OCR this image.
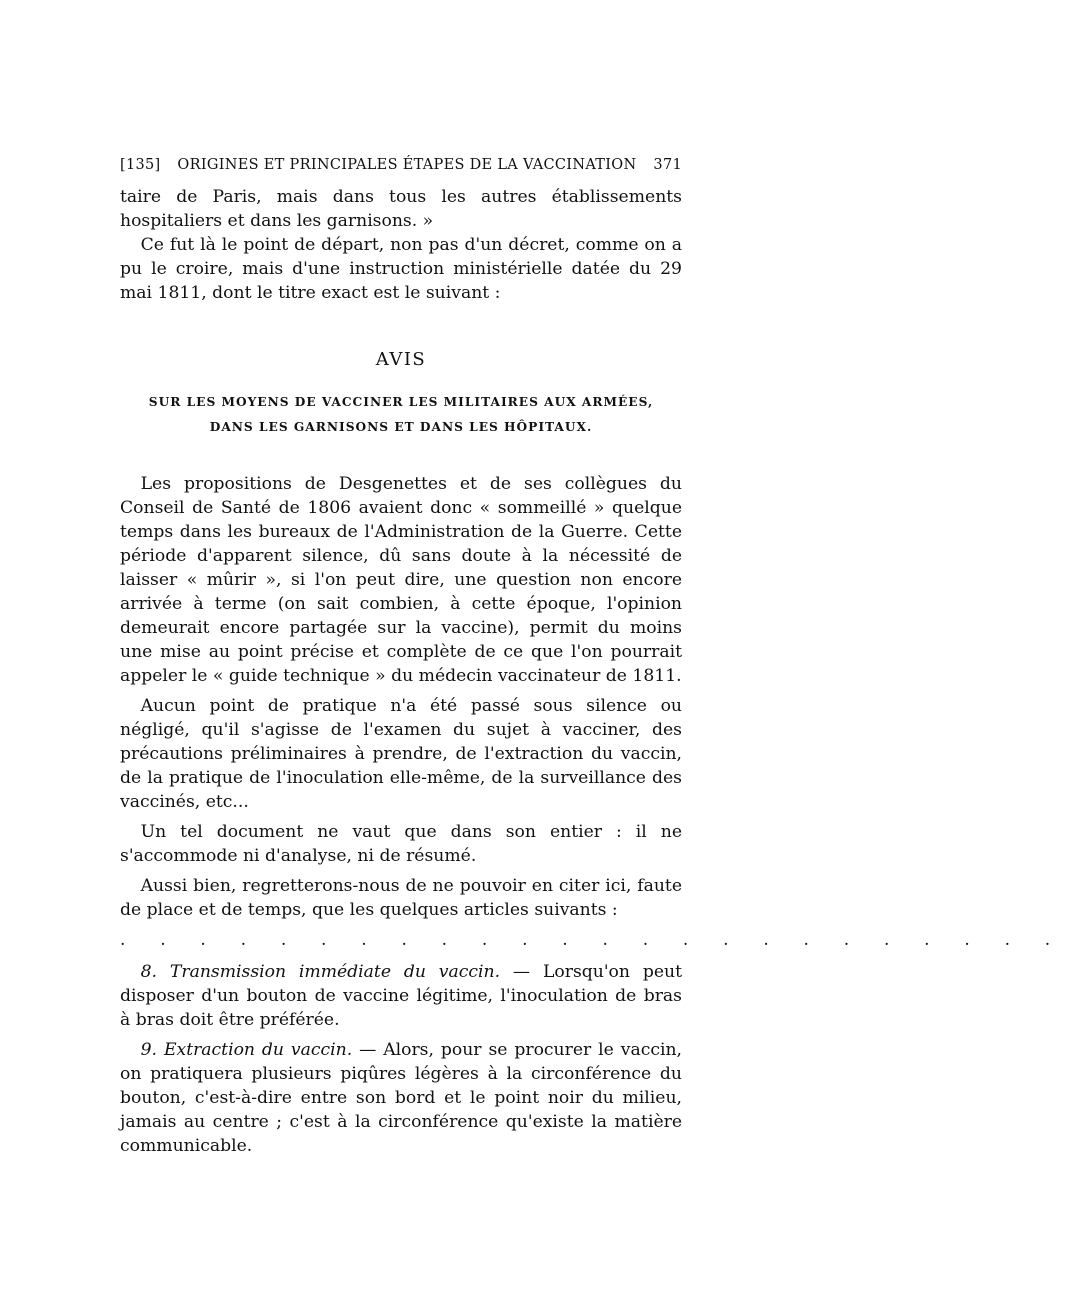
[135]	ORIGINES ET PRINCIPALES ÉTAPES DE LA VACCINATION	371

taire de Paris, mais dans tous les autres établissements hospitaliers et dans les garnisons. »

Ce fut là le point de départ, non pas d'un décret, comme on a pu le croire, mais d'une instruction ministérielle datée du 29 mai 1811, dont le titre exact est le suivant :

AVIS
SUR LES MOYENS DE VACCINER LES MILITAIRES AUX ARMÉES,
DANS LES GARNISONS ET DANS LES HÔPITAUX.

Les propositions de Desgenettes et de ses collègues du Conseil de Santé de 1806 avaient donc « sommeillé » quelque temps dans les bureaux de l'Administration de la Guerre. Cette période d'apparent silence, dû sans doute à la nécessité de laisser « mûrir », si l'on peut dire, une question non encore arrivée à terme (on sait combien, à cette époque, l'opinion demeurait encore partagée sur la vaccine), permit du moins une mise au point précise et complète de ce que l'on pourrait appeler le « guide technique » du médecin vaccinateur de 1811.

Aucun point de pratique n'a été passé sous silence ou négligé, qu'il s'agisse de l'examen du sujet à vacciner, des précautions préliminaires à prendre, de l'extraction du vaccin, de la pratique de l'inoculation elle-même, de la surveillance des vaccinés, etc...

Un tel document ne vaut que dans son entier : il ne s'accommode ni d'analyse, ni de résumé.

Aussi bien, regretterons-nous de ne pouvoir en citer ici, faute de place et de temps, que les quelques articles suivants :

. . . . . . . . . . . . . . . . . . . . . . . .

8. Transmission immédiate du vaccin. — Lorsqu'on peut disposer d'un bouton de vaccine légitime, l'inoculation de bras à bras doit être préférée.

9. Extraction du vaccin. — Alors, pour se procurer le vaccin, on pratiquera plusieurs piqûres légères à la circonférence du bouton, c'est-à-dire entre son bord et le point noir du milieu, jamais au centre ; c'est à la circonférence qu'existe la matière communicable.
